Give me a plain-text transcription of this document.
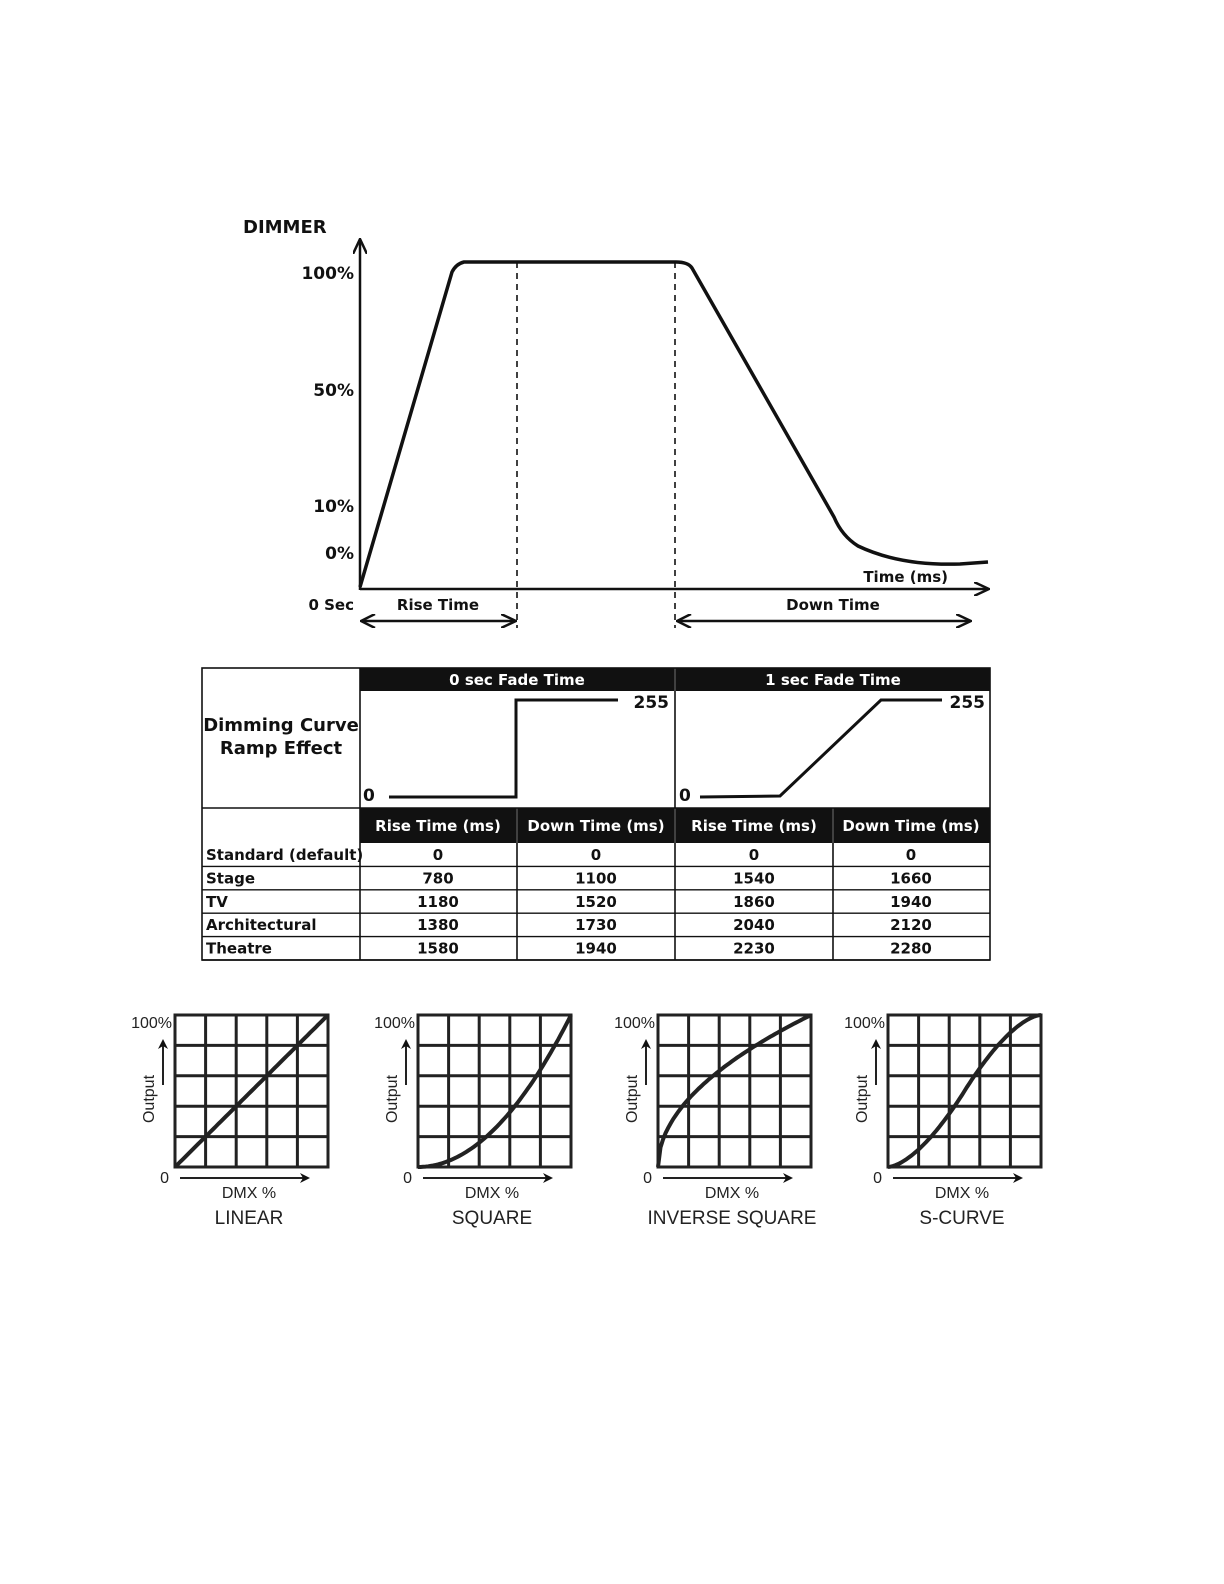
DIMMER
100%
50%
10%
0%
0 Sec
Time (ms)
Rise Time	Down Time
0 sec Fade Time	1 sec Fade Time
Dimming Curve
Ramp Effect
0
255
0
255
Rise Time (ms) Down Time (ms) Rise Time (ms) Down Time (ms)
Standard (default)	0	0	0	0
Stage	780	1100	1540	1660
TV	1180	1520	1860	1940
Architectural	1380	1730	2040	2120
Theatre	1580	1940	2230	2280
100%
0
Output
DMX %
LINEAR
100%
0
Output
DMX %
SQUARE
100%
0
Output
DMX %
INVERSE SQUARE
100%
0
Output
DMX %
S-CURVE
